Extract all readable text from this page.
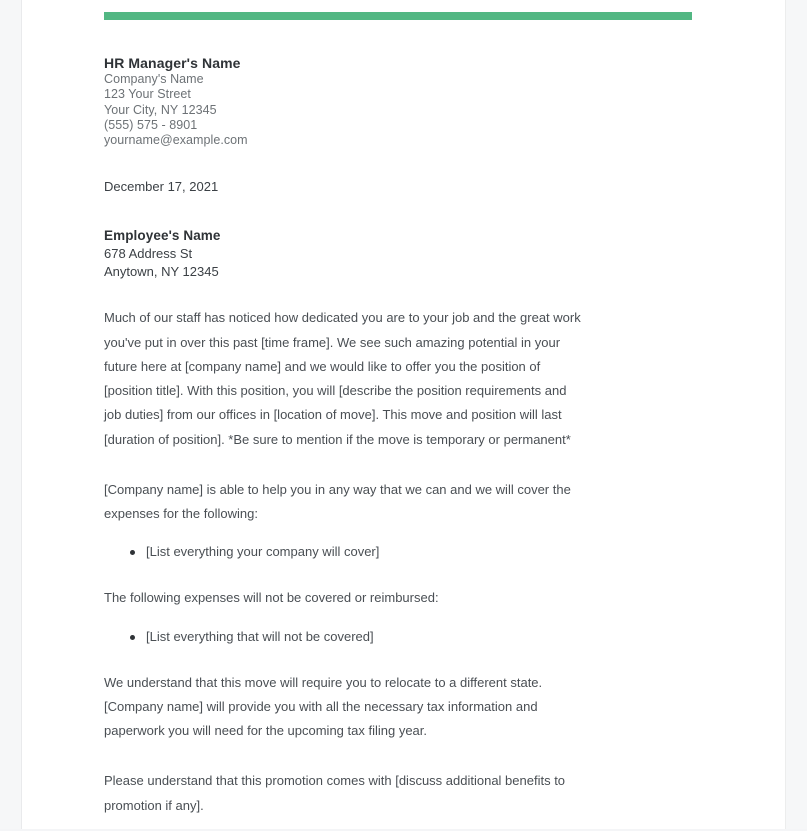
HR Manager's Name
Company's Name
123 Your Street
Your City, NY 12345
(555) 575 - 8901
yourname@example.com
December 17, 2021
Employee's Name
678 Address St
Anytown, NY 12345

Much of our staff has noticed how dedicated you are to your job and the great work you've put in over this past [time frame]. We see such amazing potential in your future here at [company name] and we would like to offer you the position of [position title]. With this position, you will [describe the position requirements and job duties] from our offices in [location of move]. This move and position will last [duration of position]. *Be sure to mention if the move is temporary or permanent*

[Company name] is able to help you in any way that we can and we will cover the expenses for the following:

[List everything your company will cover]

The following expenses will not be covered or reimbursed:

[List everything that will not be covered]

We understand that this move will require you to relocate to a different state. [Company name] will provide you with all the necessary tax information and paperwork you will need for the upcoming tax filing year.

Please understand that this promotion comes with [discuss additional benefits to promotion if any].
